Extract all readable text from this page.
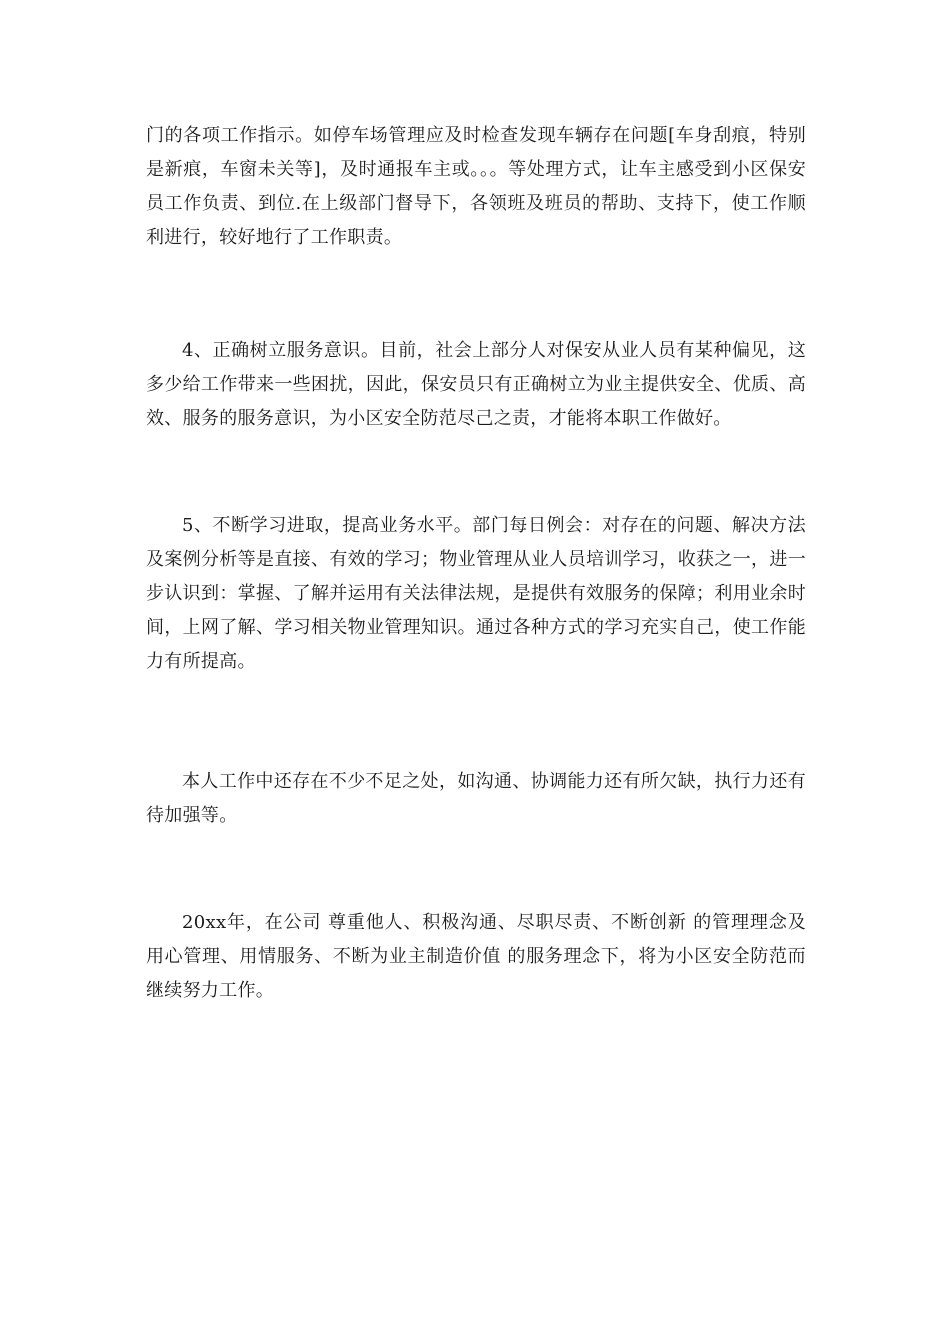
门的各项工作指示。如停车场管理应及时检查发现车辆存在问题[车身刮痕，特别是新痕，车窗未关等]，及时通报车主或。。。等处理方式，让车主感受到小区保安员工作负责、到位.在上级部门督导下，各领班及班员的帮助、支持下，使工作顺利进行，较好地行了工作职责。

4、正确树立服务意识。目前，社会上部分人对保安从业人员有某种偏见，这多少给工作带来一些困扰，因此，保安员只有正确树立为业主提供安全、优质、高效、服务的服务意识，为小区安全防范尽己之责，才能将本职工作做好。

5、不断学习进取，提高业务水平。部门每日例会：对存在的问题、解决方法及案例分析等是直接、有效的学习；物业管理从业人员培训学习，收获之一，进一步认识到：掌握、了解并运用有关法律法规，是提供有效服务的保障；利用业余时间，上网了解、学习相关物业管理知识。通过各种方式的学习充实自己，使工作能力有所提高。

本人工作中还存在不少不足之处，如沟通、协调能力还有所欠缺，执行力还有待加强等。

20xx年，在公司 尊重他人、积极沟通、尽职尽责、不断创新 的管理理念及 用心管理、用情服务、不断为业主制造价值 的服务理念下，将为小区安全防范而继续努力工作。
